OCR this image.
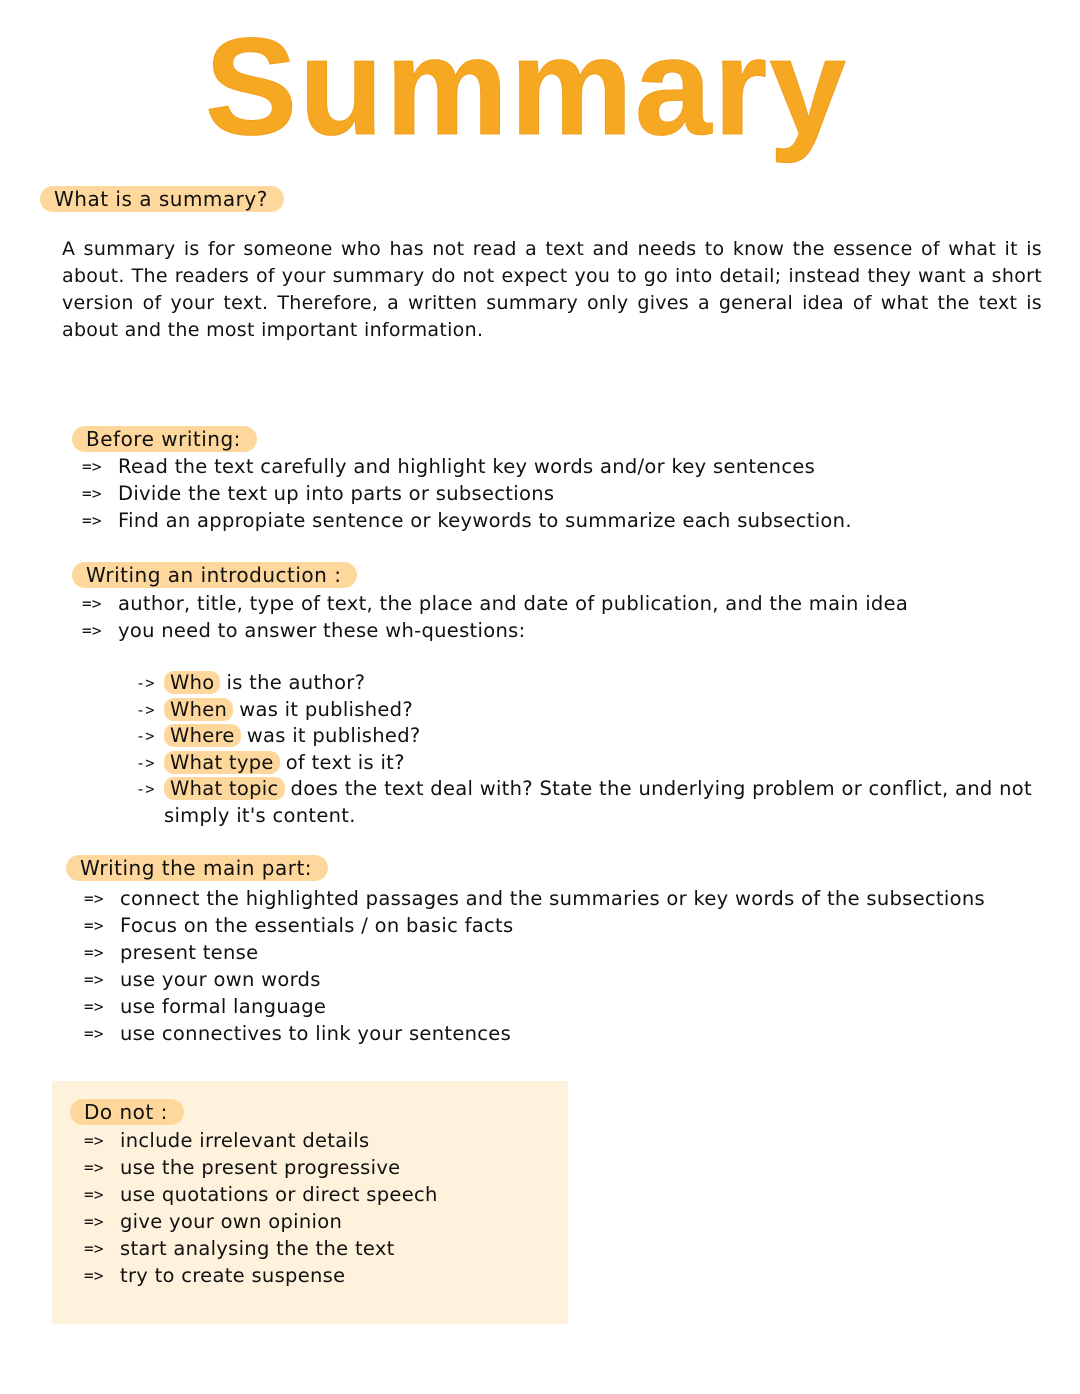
Summary
What is a summary?

A summary is for someone who has not read a text and needs to know the essence of what it is about. The readers of your summary do not expect you to go into detail; instead they want a short version of your text. Therefore, a written summary only gives a general idea of what the text is about and the most important information.

Before writing:
=> Read the text carefully and highlight key words and/or key sentences
=> Divide the text up into parts or subsections
=> Find an appropiate sentence or keywords to summarize each subsection.
Writing an introduction :
=> author, title, type of text, the place and date of publication, and the main idea
=> you need to answer these wh-questions:
-> Who is the author?
-> When was it published?
-> Where was it published?
-> What type of text is it?
-> What topic does the text deal with? State the underlying problem or conflict, and not simply it's content.
Writing the main part:
=> connect the highlighted passages and the summaries or key words of the subsections
=> Focus on the essentials / on basic facts
=> present tense
=> use your own words
=> use formal language
=> use connectives to link your sentences
Do not :
=> include irrelevant details
=> use the present progressive
=> use quotations or direct speech
=> give your own opinion
=> start analysing the the text
=> try to create suspense
